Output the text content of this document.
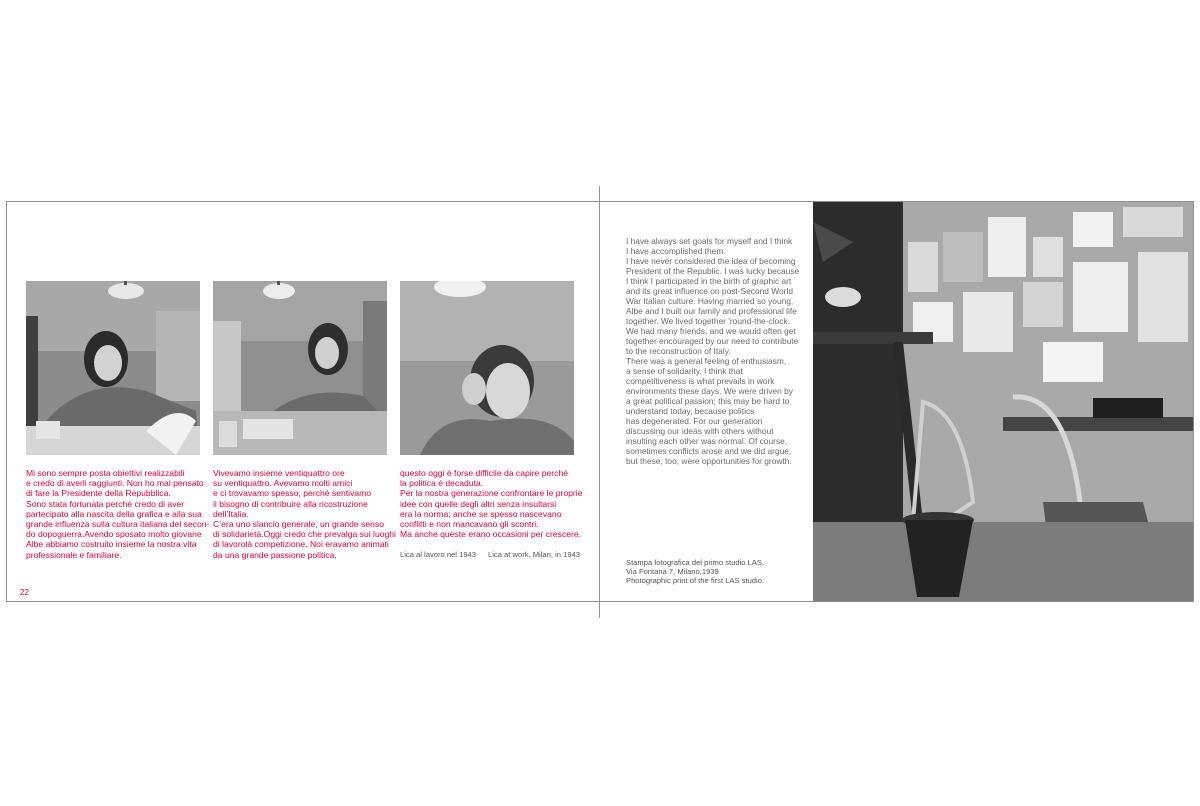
Mi sono sempre posta obiettivi realizzabili
e credo di averli raggiunti. Non ho mai pensato
di fare la Presidente della Repubblica.
Sono stata fortunata perché credo di aver
partecipato alla nascita della grafica e alla sua
grande influenza sulla cultura italiana del secon-
do dopoguerra.Avendo sposato molto giovane
Albe abbiamo costruito insieme la nostra vita
professionale e familiare.
Vivevamo insieme ventiquattro ore
su ventiquattro. Avevamo molti amici
e ci trovavamo spesso, perché sentivamo
il bisogno di contribuire alla ricostruzione
dell’Italia.
C’era uno slancio generale, un grande senso
di solidarietà.Oggi credo che prevalga sui luoghi
di lavorolà competizione. Noi eravamo animati
da una grande passione politica,
questo oggi è forse difficile da capire perché
la politica è decaduta.
Per la nostra generazione confrontare le proprie
idee con quelle degli altri senza insultarsi
era la norma; anche se spesso nascevano
conflitti e non mancavano gli scontri.
Ma anche queste erano occasioni per crescere.
Lica al lavoro nel 1943 Lica at work, Milan, in 1943
22
I have always set goals for myself and I think
I have accomplished them.
I have never considered the idea of becoming
President of the Republic. I was lucky because
I think I participated in the birth of graphic art
and its great influence on post-Second World
War Italian culture. Having married so young,
Albe and I built our family and professional life
together. We lived together 'round-the-clock.
We had many friends, and we would often get
together encouraged by our need to contribute
to the reconstruction of Italy.
There was a general feeling of enthusiasm,
a sense of solidarity. I think that
competitiveness is what prevails in work
environments these days. We were driven by
a great political passion; this may be hard to
understand today, because politics
has degenerated. For our generation
discussing our ideas with others without
insulting each other was normal. Of course,
sometimes conflicts arose and we did argue,
but these, too, were opportunities for growth.
Stampa fotografica del primo studio LAS,
Via Fontana 7, Milano,1939
Photographic print of the first LAS studio.
